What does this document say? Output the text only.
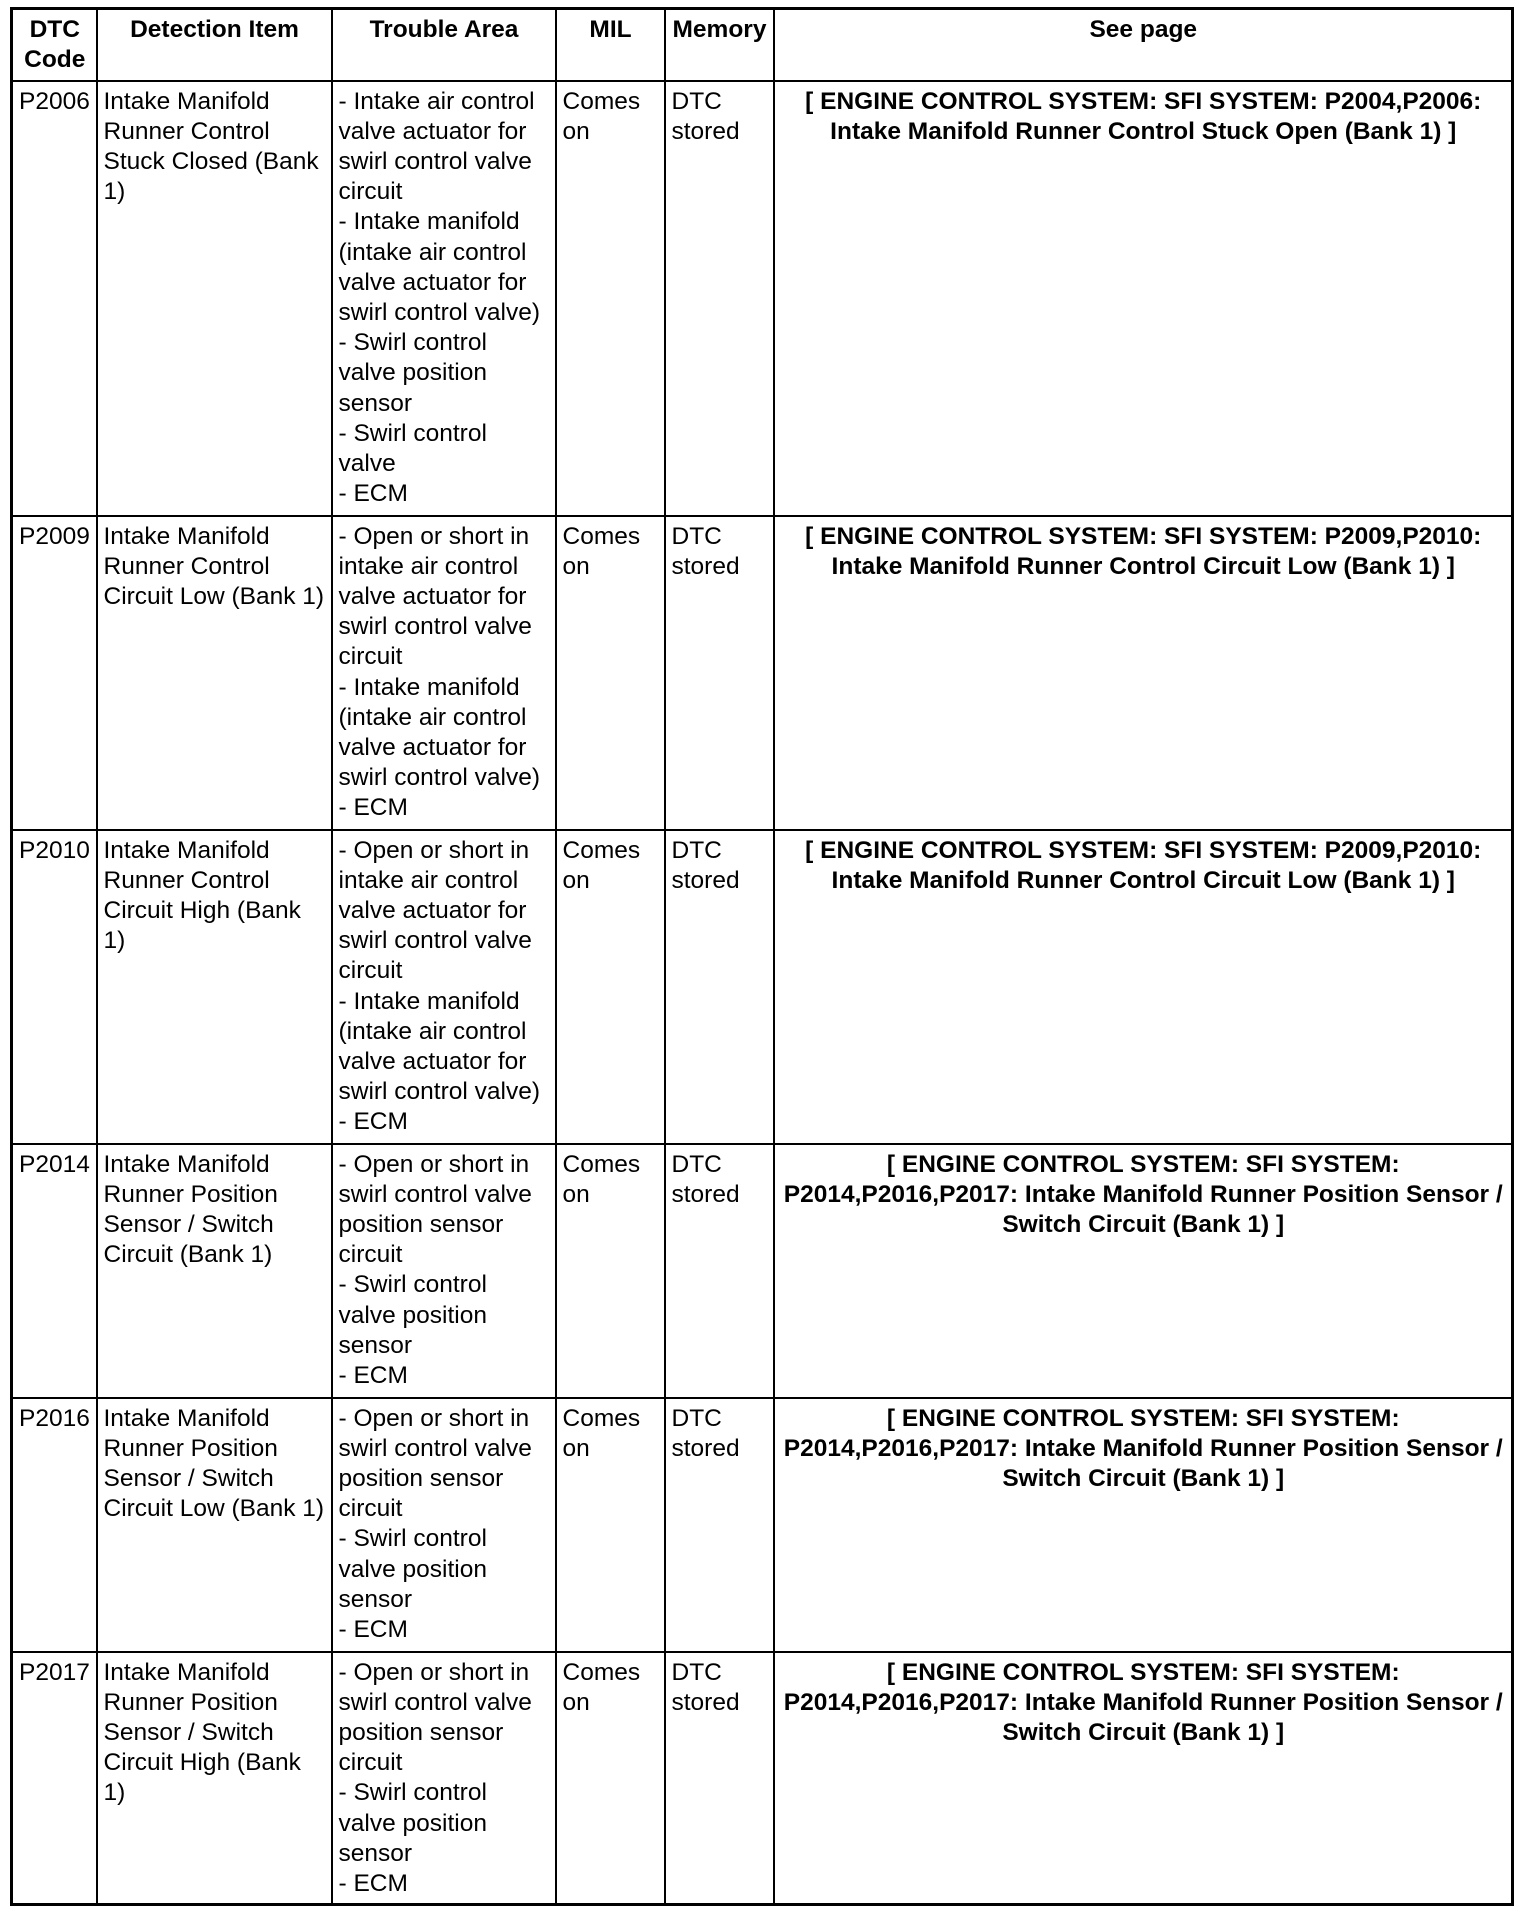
DTC Code	Detection Item	Trouble Area	MIL	Memory	See page
P2006	Intake Manifold Runner Control Stuck Closed (Bank 1)	- Intake air control valve actuator for swirl control valve circuit
- Intake manifold (intake air control valve actuator for swirl control valve)
- Swirl control valve position sensor
- Swirl control valve
- ECM	Comes on	DTC stored	[ ENGINE CONTROL SYSTEM: SFI SYSTEM: P2004,P2006: Intake Manifold Runner Control Stuck Open (Bank 1) ]
P2009	Intake Manifold Runner Control Circuit Low (Bank 1)	- Open or short in intake air control valve actuator for swirl control valve circuit
- Intake manifold (intake air control valve actuator for swirl control valve)
- ECM	Comes on	DTC stored	[ ENGINE CONTROL SYSTEM: SFI SYSTEM: P2009,P2010: Intake Manifold Runner Control Circuit Low (Bank 1) ]
P2010	Intake Manifold Runner Control Circuit High (Bank 1)	- Open or short in intake air control valve actuator for swirl control valve circuit
- Intake manifold (intake air control valve actuator for swirl control valve)
- ECM	Comes on	DTC stored	[ ENGINE CONTROL SYSTEM: SFI SYSTEM: P2009,P2010: Intake Manifold Runner Control Circuit Low (Bank 1) ]
P2014	Intake Manifold Runner Position Sensor / Switch Circuit (Bank 1)	- Open or short in swirl control valve position sensor circuit
- Swirl control valve position sensor
- ECM	Comes on	DTC stored	[ ENGINE CONTROL SYSTEM: SFI SYSTEM: P2014,P2016,P2017: Intake Manifold Runner Position Sensor / Switch Circuit (Bank 1) ]
P2016	Intake Manifold Runner Position Sensor / Switch Circuit Low (Bank 1)	- Open or short in swirl control valve position sensor circuit
- Swirl control valve position sensor
- ECM	Comes on	DTC stored	[ ENGINE CONTROL SYSTEM: SFI SYSTEM: P2014,P2016,P2017: Intake Manifold Runner Position Sensor / Switch Circuit (Bank 1) ]
P2017	Intake Manifold Runner Position Sensor / Switch Circuit High (Bank 1)	- Open or short in swirl control valve position sensor circuit
- Swirl control valve position sensor
- ECM	Comes on	DTC stored	[ ENGINE CONTROL SYSTEM: SFI SYSTEM: P2014,P2016,P2017: Intake Manifold Runner Position Sensor / Switch Circuit (Bank 1) ]
